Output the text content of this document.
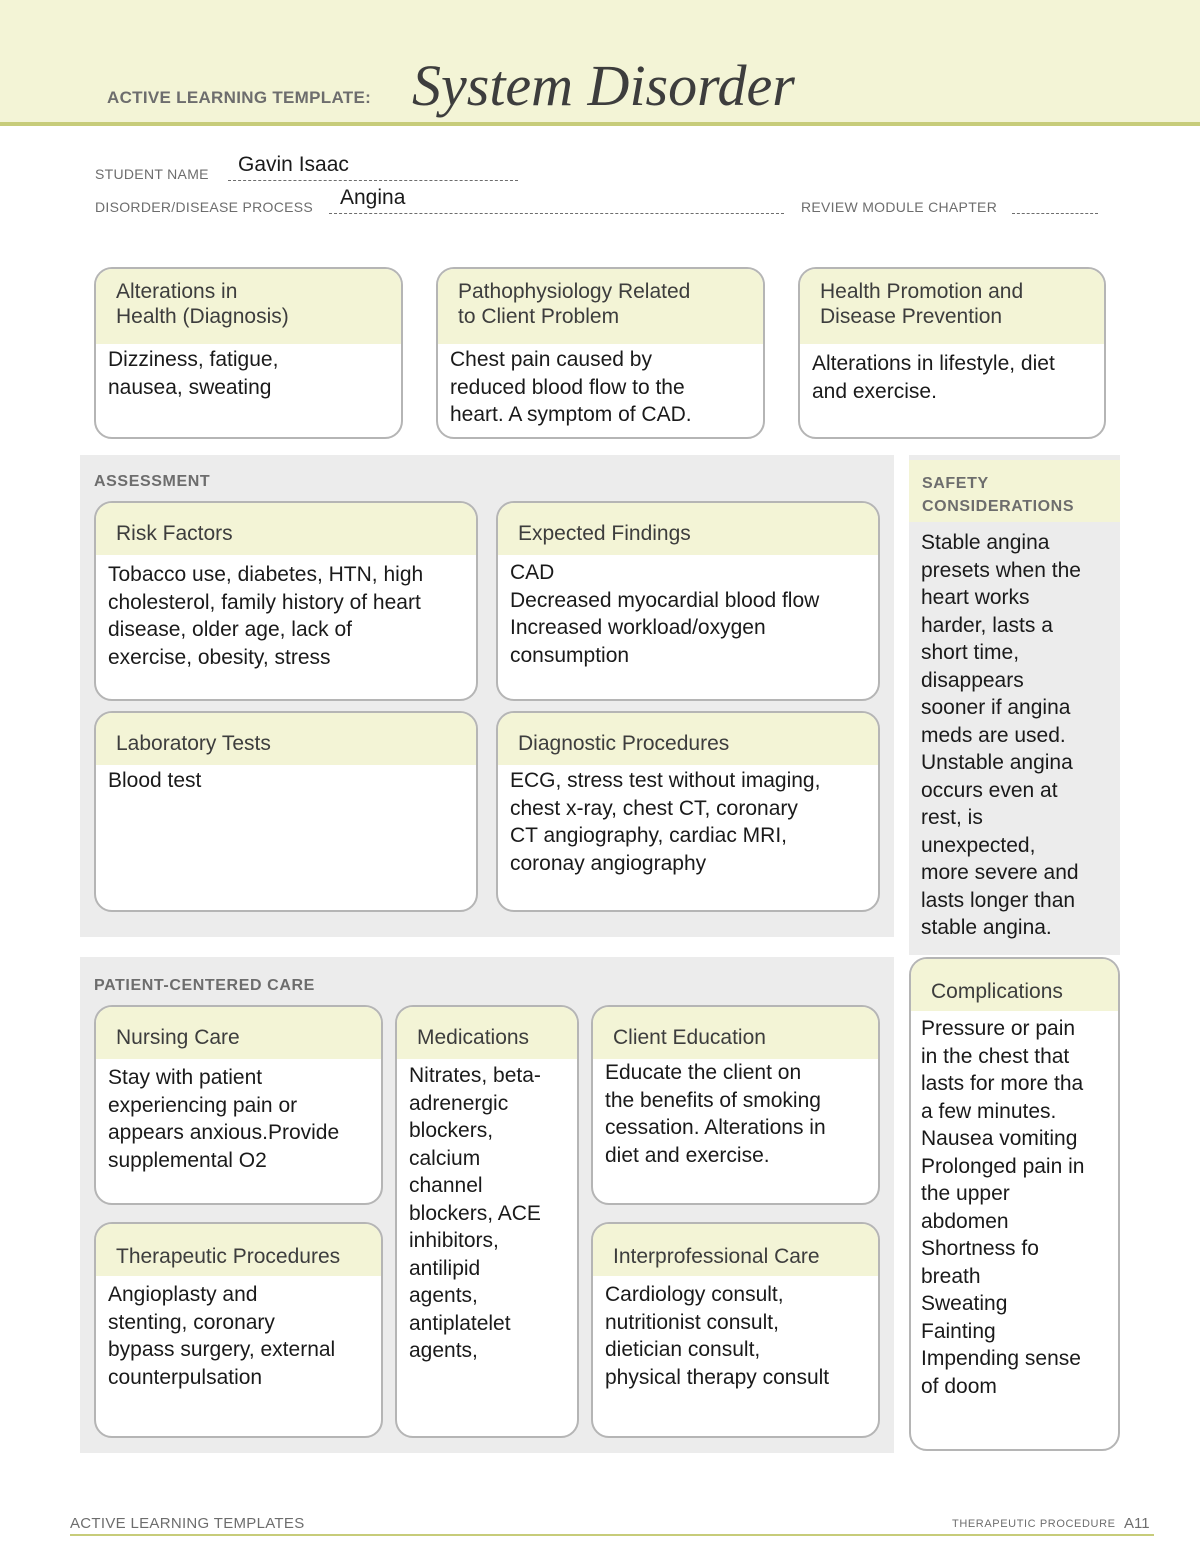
ACTIVE LEARNING TEMPLATE: System Disorder
STUDENT NAME Gavin Isaac
DISORDER/DISEASE PROCESS Angina	REVIEW MODULE CHAPTER
Alterations in
Health (Diagnosis)
Dizziness, fatigue,
nausea, sweating
Pathophysiology Related
to Client Problem
Chest pain caused by
reduced blood flow to the
heart. A symptom of CAD.
Health Promotion and
Disease Prevention
Alterations in lifestyle, diet
and exercise.
ASSESSMENT
Risk Factors
Tobacco use, diabetes, HTN, high
cholesterol, family history of heart
disease, older age, lack of
exercise, obesity, stress
Expected Findings
CAD
Decreased myocardial blood flow
Increased workload/oxygen
consumption
Laboratory Tests
Blood test
Diagnostic Procedures
ECG, stress test without imaging,
chest x-ray, chest CT, coronary
CT angiography, cardiac MRI,
coronay angiography
SAFETY
CONSIDERATIONS
Stable angina
presets when the
heart works
harder, lasts a
short time,
disappears
sooner if angina
meds are used.
Unstable angina
occurs even at
rest, is
unexpected,
more severe and
lasts longer than
stable angina.
PATIENT-CENTERED CARE
Nursing Care
Stay with patient
experiencing pain or
appears anxious.Provide
supplemental O2
Medications
Nitrates, beta-
adrenergic
blockers,
calcium
channel
blockers, ACE
inhibitors,
antilipid
agents,
antiplatelet
agents,
Client Education
Educate the client on
the benefits of smoking
cessation. Alterations in
diet and exercise.
Therapeutic Procedures
Angioplasty and
stenting, coronary
bypass surgery, external
counterpulsation
Interprofessional Care
Cardiology consult,
nutritionist consult,
dietician consult,
physical therapy consult
Complications
Pressure or pain
in the chest that
lasts for more tha
a few minutes.
Nausea vomiting
Prolonged pain in
the upper
abdomen
Shortness fo
breath
Sweating
Fainting
Impending sense
of doom
ACTIVE LEARNING TEMPLATES	THERAPEUTIC PROCEDURE A11
